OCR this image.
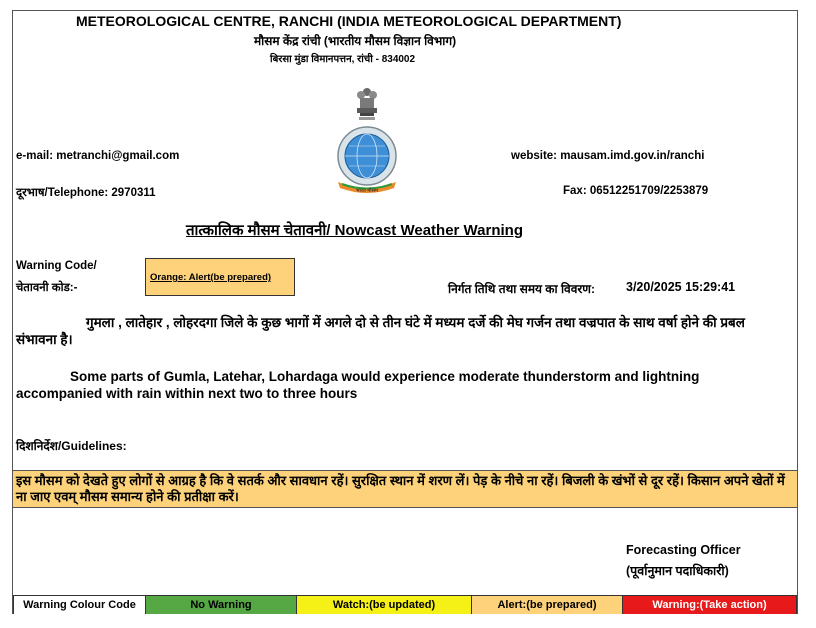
METEOROLOGICAL CENTRE, RANCHI (INDIA METEOROLOGICAL DEPARTMENT)
मौसम केंद्र रांची (भारतीय मौसम विज्ञान विभाग)
बिरसा मुंडा विमानपत्तन, रांची - 834002
भारत मौसम
e-mail: metranchi@gmail.com
दूरभाष/Telephone: 2970311
website: mausam.imd.gov.in/ranchi
Fax: 06512251709/2253879
तात्कालिक मौसम चेतावनी/ Nowcast Weather Warning
Warning Code/
चेतावनी कोड:-
Orange: Alert(be prepared)
निर्गत तिथि तथा समय का विवरण: 3/20/2025 15:29:41
गुमला , लातेहार , लोहरदगा जिले के कुछ भागों में अगले दो से तीन घंटे में मध्यम दर्जे की मेघ गर्जन तथा वज्रपात के साथ वर्षा होने की प्रबल संभावना है।
Some parts of Gumla, Latehar, Lohardaga would experience moderate thunderstorm and lightning accompanied with rain within next two to three hours
दिशनिर्देश/Guidelines:
इस मौसम को देखते हुए लोगों से आग्रह है कि वे सतर्क और सावधान रहें। सुरक्षित स्थान में शरण लें। पेड़ के नीचे ना रहें। बिजली के खंभों से दूर रहें। किसान अपने खेतों में ना जाए एवम् मौसम समान्य होने की प्रतीक्षा करें।
Forecasting Officer
(पूर्वानुमान पदाधिकारी)
Warning Colour Code	No Warning	Watch:(be updated)	Alert:(be prepared)	Warning:(Take action)
